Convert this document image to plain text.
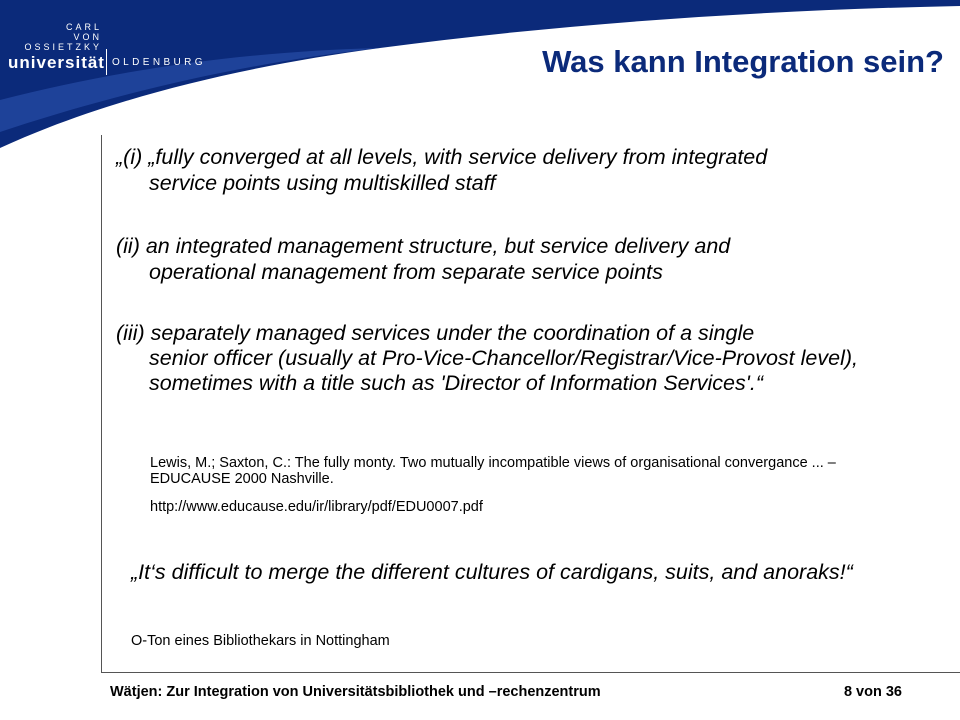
CARL
VON
OSSIETZKY
universität OLDENBURG	Was kann Integration sein?
„(i) „fully converged at all levels, with service delivery from integrated
service points using multiskilled staff
(ii) an integrated management structure, but service delivery and
operational management from separate service points
(iii) separately managed services under the coordination of a single
senior officer (usually at Pro-Vice-Chancellor/Registrar/Vice-Provost level), sometimes with a title such as 'Director of Information Services'.“
Lewis, M.; Saxton, C.: The fully monty. Two mutually incompatible views of organisational convergance ... – EDUCAUSE 2000 Nashville.
http://www.educause.edu/ir/library/pdf/EDU0007.pdf
„It‘s difficult to merge the different cultures of cardigans, suits, and anoraks!“
O-Ton eines Bibliothekars in Nottingham
Wätjen: Zur Integration von Universitätsbibliothek und –rechenzentrum	8 von 36
